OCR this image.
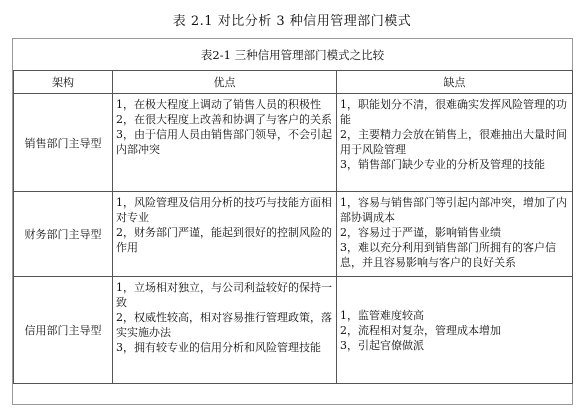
表 2.1 对比分析 3 种信用管理部门模式
表2-1 三种信用管理部门模式之比较
架构	优点	缺点
销售部门主导型	1，在极大程度上调动了销售人员的积极性
2，在很大程度上改善和协调了与客户的关系
3，由于信用人员由销售部门领导，不会引起内部冲突	1，职能划分不清，很难确实发挥风险管理的功能
2，主要精力会放在销售上，很难抽出大量时间用于风险管理
3，销售部门缺少专业的分析及管理的技能

财务部门主导型	1，风险管理及信用分析的技巧与技能方面相对专业
2，财务部门严谨，能起到很好的控制风险的作用	1，容易与销售部门等引起内部冲突，增加了内部协调成本
2，容易过于严谨，影响销售业绩
3，难以充分利用到销售部门所拥有的客户信息，并且容易影响与客户的良好关系

信用部门主导型	1，立场相对独立，与公司利益较好的保持一致
2，权威性较高，相对容易推行管理政策，落实实施办法
3，拥有较专业的信用分析和风险管理技能	1，监管难度较高
2，流程相对复杂，管理成本增加
3，引起官僚做派
